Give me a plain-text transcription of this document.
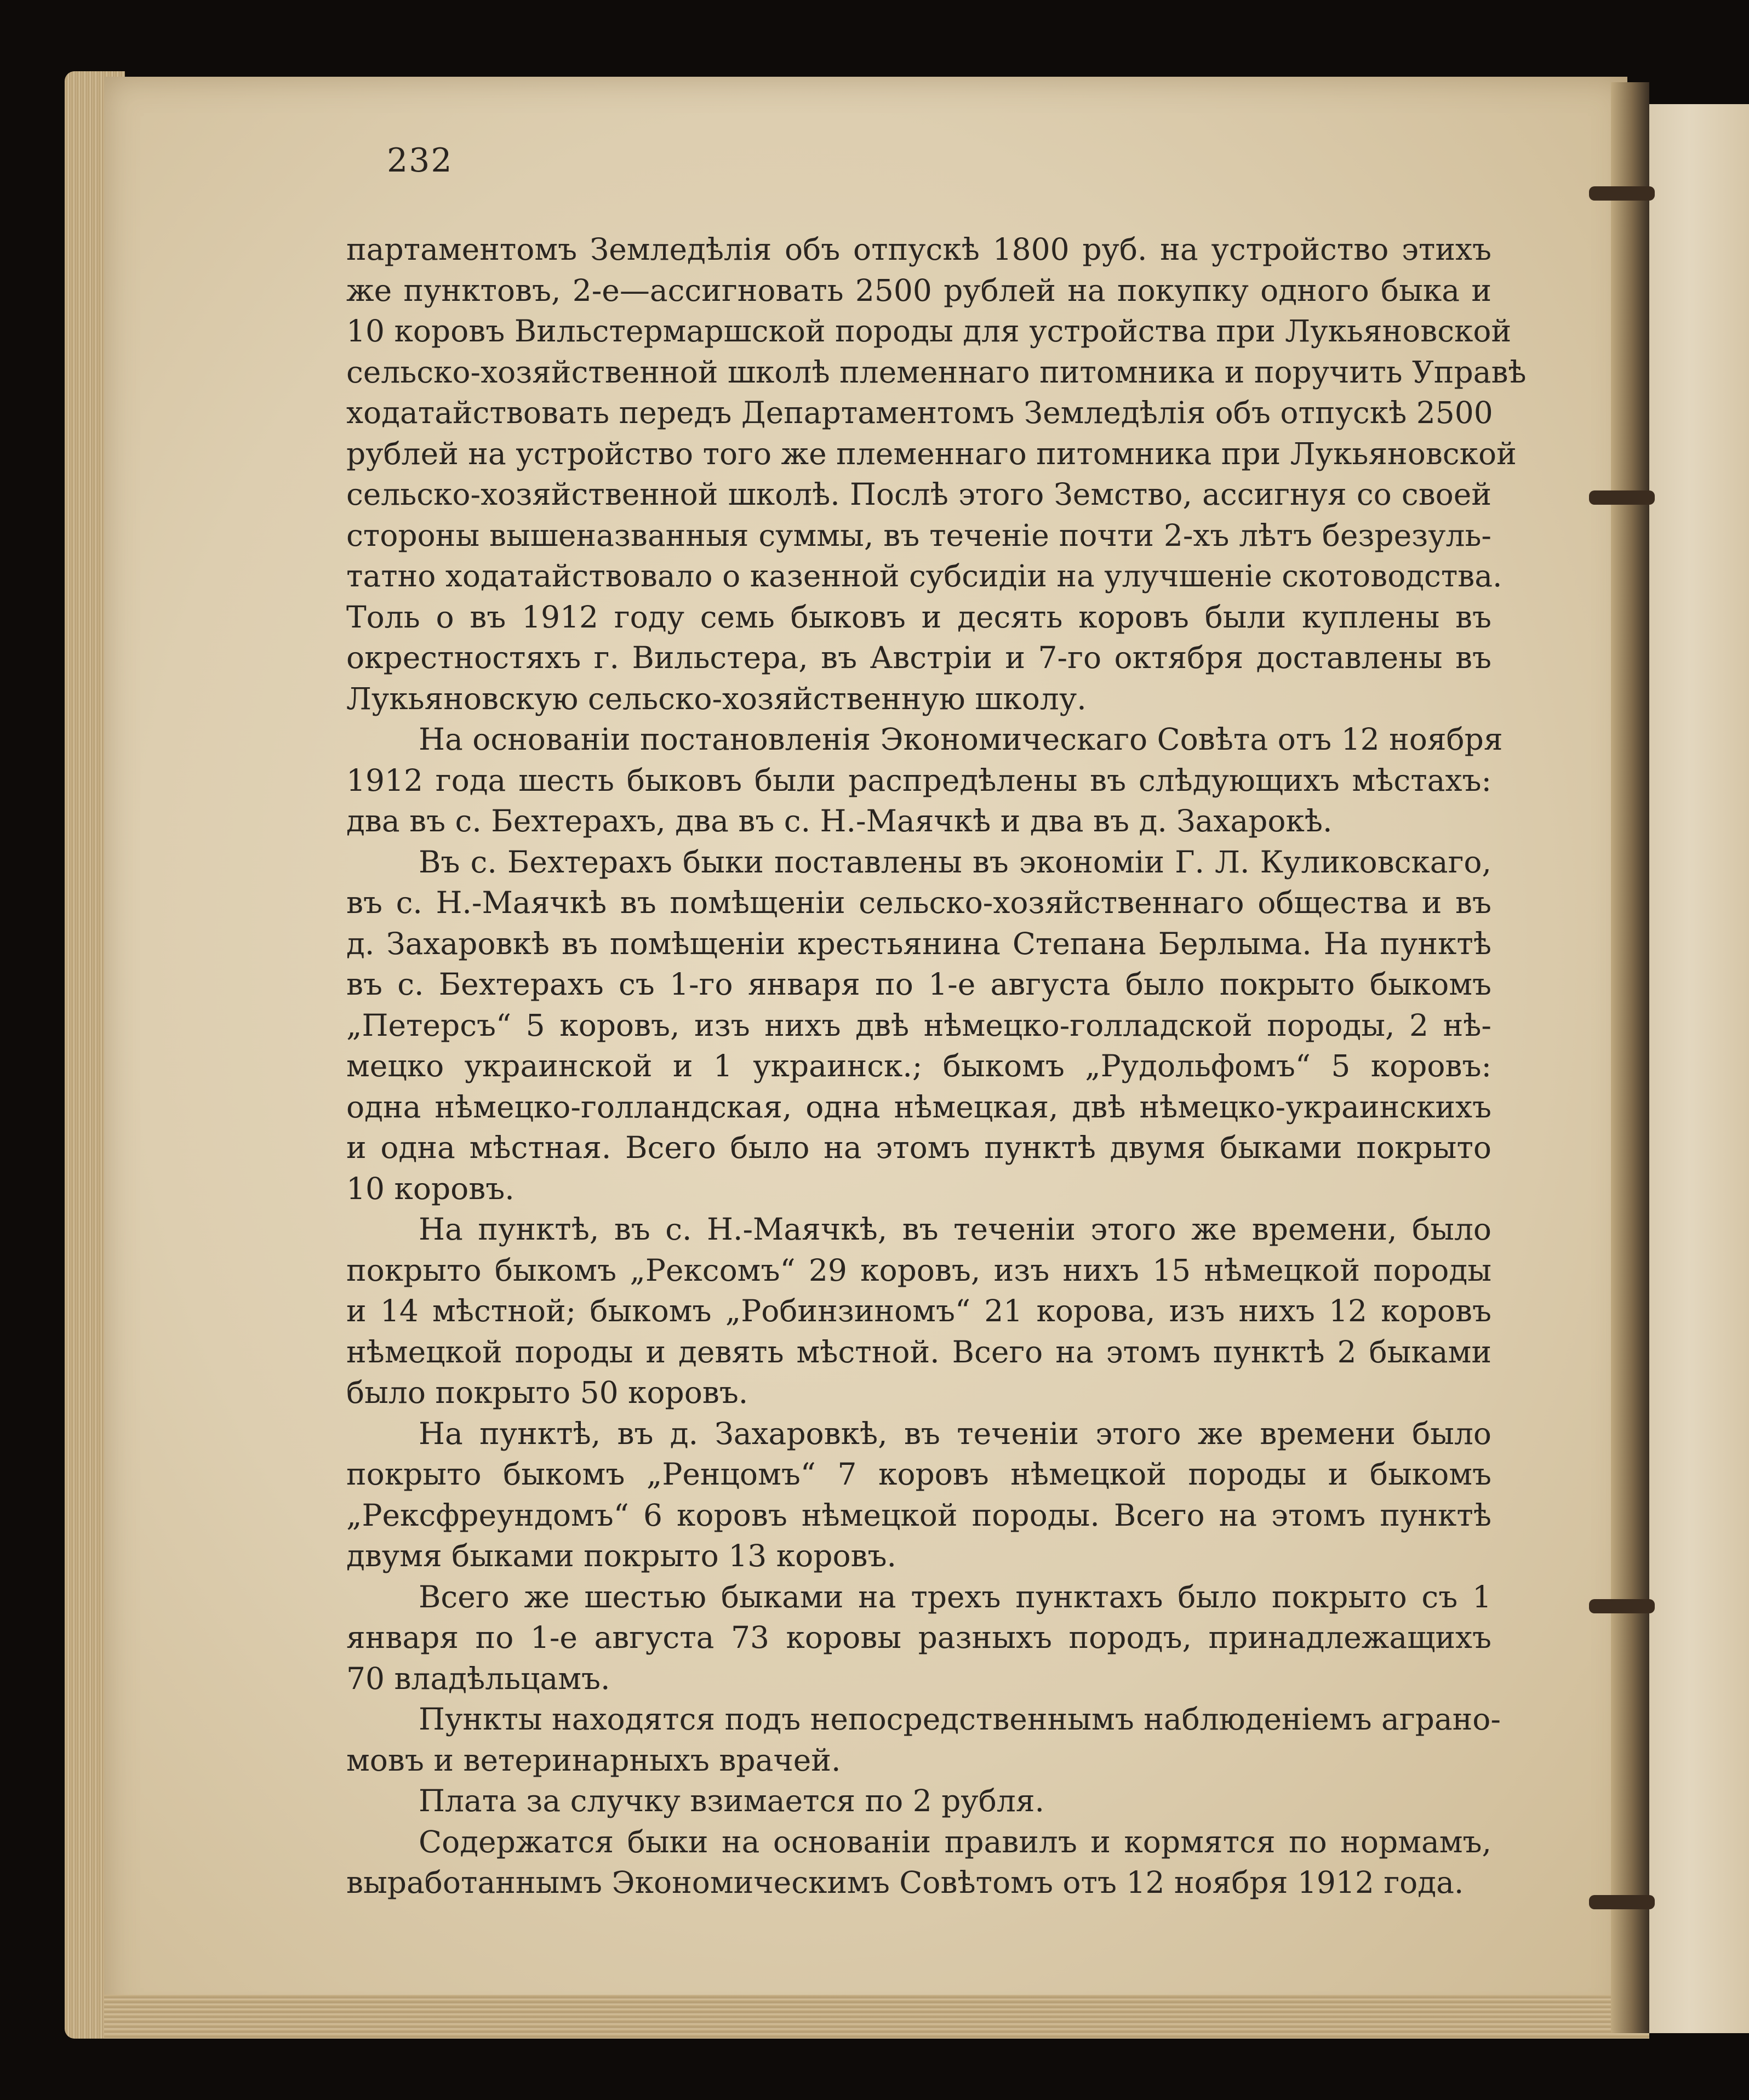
232
партаментомъ Земледѣлія объ отпускѣ 1800 руб. на устройство этихъ
же пунктовъ, 2-е—ассигновать 2500 рублей на покупку одного быка и
10 коровъ Вильстермаршской породы для устройства при Лукьяновской
сельско-хозяйственной школѣ племеннаго питомника и поручить Управѣ
ходатайствовать передъ Департаментомъ Земледѣлія объ отпускѣ 2500
рублей на устройство того же племеннаго питомника при Лукьяновской
сельско-хозяйственной школѣ. Послѣ этого Земство, ассигнуя со своей
стороны вышеназванныя суммы, въ теченіе почти 2-хъ лѣтъ безрезуль-
татно ходатайствовало о казенной субсидіи на улучшеніе скотоводства.
Толь о въ 1912 году семь быковъ и десять коровъ были куплены въ
окрестностяхъ г. Вильстера, въ Австріи и 7-го октября доставлены въ
Лукьяновскую сельско-хозяйственную школу.
На основаніи постановленія Экономическаго Совѣта отъ 12 ноября
1912 года шесть быковъ были распредѣлены въ слѣдующихъ мѣстахъ:
два въ с. Бехтерахъ, два въ с. Н.-Маячкѣ и два въ д. Захарокѣ.
Въ с. Бехтерахъ быки поставлены въ экономіи Г. Л. Куликовскаго,
въ с. Н.-Маячкѣ въ помѣщеніи сельско-хозяйственнаго общества и въ
д. Захаровкѣ въ помѣщеніи крестьянина Степана Берлыма. На пунктѣ
въ с. Бехтерахъ съ 1-го января по 1-е августа было покрыто быкомъ
„Петерсъ“ 5 коровъ, изъ нихъ двѣ нѣмецко-голладской породы, 2 нѣ-
мецко украинской и 1 украинск.; быкомъ „Рудольфомъ“ 5 коровъ:
одна нѣмецко-голландская, одна нѣмецкая, двѣ нѣмецко-украинскихъ
и одна мѣстная. Всего было на этомъ пунктѣ двумя быками покрыто
10 коровъ.
На пунктѣ, въ с. Н.-Маячкѣ, въ теченіи этого же времени, было
покрыто быкомъ „Рексомъ“ 29 коровъ, изъ нихъ 15 нѣмецкой породы
и 14 мѣстной; быкомъ „Робинзиномъ“ 21 корова, изъ нихъ 12 коровъ
нѣмецкой породы и девять мѣстной. Всего на этомъ пунктѣ 2 быками
было покрыто 50 коровъ.
На пунктѣ, въ д. Захаровкѣ, въ теченіи этого же времени было
покрыто быкомъ „Ренцомъ“ 7 коровъ нѣмецкой породы и быкомъ
„Рексфреундомъ“ 6 коровъ нѣмецкой породы. Всего на этомъ пунктѣ
двумя быками покрыто 13 коровъ.
Всего же шестью быками на трехъ пунктахъ было покрыто съ 1
января по 1-е августа 73 коровы разныхъ породъ, принадлежащихъ
70 владѣльцамъ.
Пункты находятся подъ непосредственнымъ наблюденіемъ аграно-
мовъ и ветеринарныхъ врачей.
Плата за случку взимается по 2 рубля.
Содержатся быки на основаніи правилъ и кормятся по нормамъ,
выработаннымъ Экономическимъ Совѣтомъ отъ 12 ноября 1912 года.
